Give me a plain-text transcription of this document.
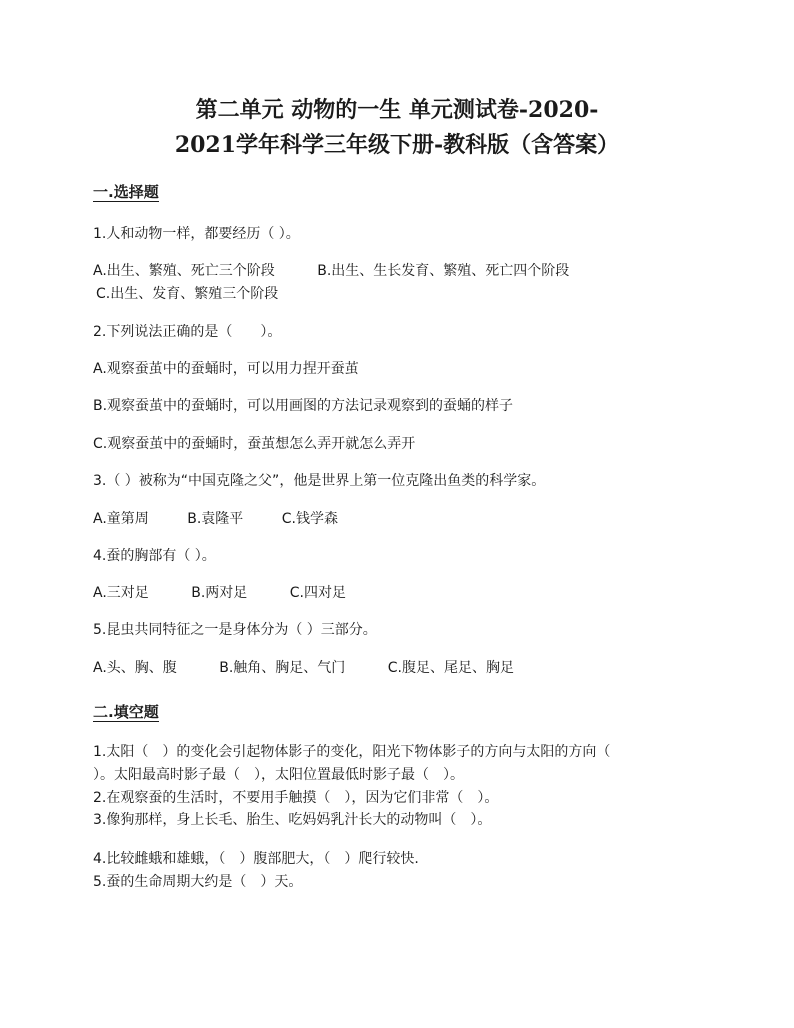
第二单元 动物的一生 单元测试卷-2020-
2021学年科学三年级下册-教科版（含答案）
一.选择题
1.人和动物一样，都要经历（ ）。
A.出生、繁殖、死亡三个阶段	B.出生、生长发育、繁殖、死亡四个阶段
C.出生、发育、繁殖三个阶段
2.下列说法正确的是（　　）。
A.观察蚕茧中的蚕蛹时，可以用力捏开蚕茧
B.观察蚕茧中的蚕蛹时，可以用画图的方法记录观察到的蚕蛹的样子
C.观察蚕茧中的蚕蛹时，蚕茧想怎么弄开就怎么弄开
3.（ ）被称为“中国克隆之父”，他是世界上第一位克隆出鱼类的科学家。
A.童第周	B.袁隆平	C.钱学森
4.蚕的胸部有（ ）。
A.三对足	B.两对足	C.四对足
5.昆虫共同特征之一是身体分为（ ）三部分。
A.头、胸、腹	B.触角、胸足、气门	C.腹足、尾足、胸足
二.填空题
1.太阳（　）的变化会引起物体影子的变化，阳光下物体影子的方向与太阳的方向（
）。太阳最高时影子最（　），太阳位置最低时影子最（　）。
2.在观察蚕的生活时，不要用手触摸（　），因为它们非常（　）。
3.像狗那样，身上长毛、胎生、吃妈妈乳汁长大的动物叫（　）。
4.比较雌蛾和雄蛾，（　）腹部肥大，（　）爬行较快.
5.蚕的生命周期大约是（　）天。
